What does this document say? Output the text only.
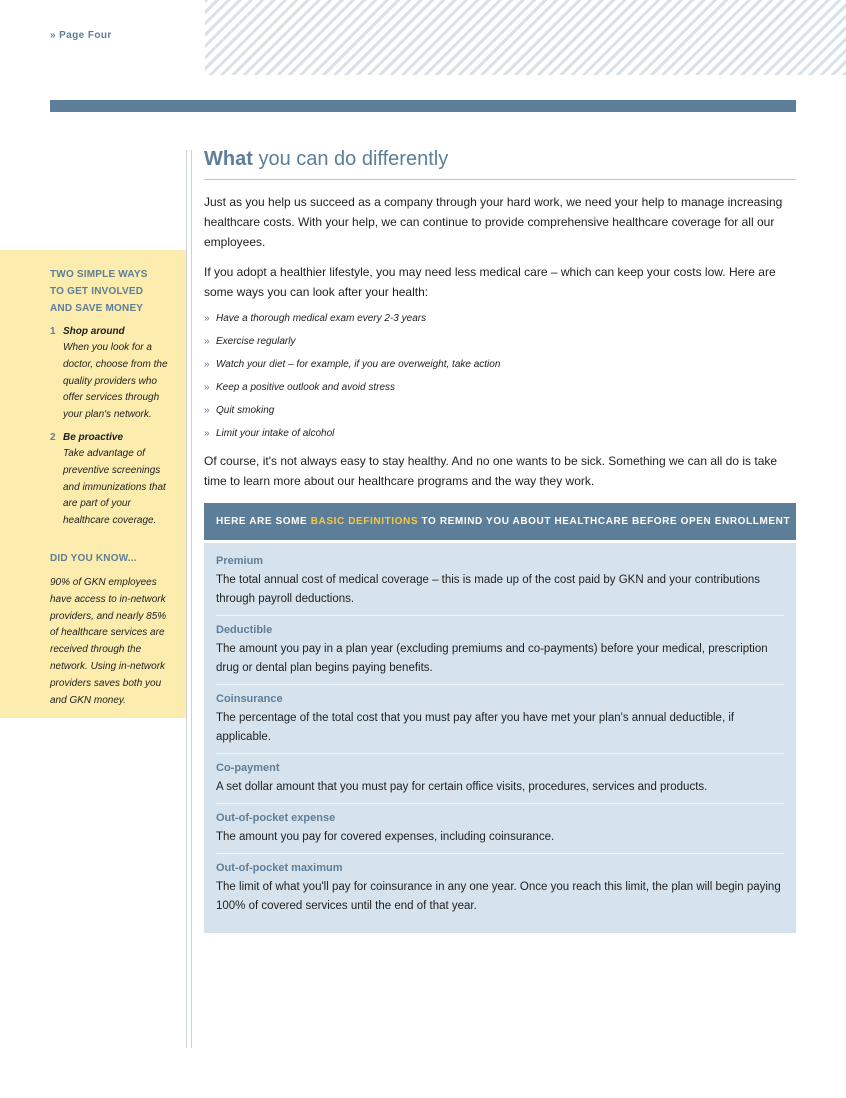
» Page Four
TWO SIMPLE WAYS
TO GET INVOLVED
AND SAVE MONEY
1 Shop around
When you look for a doctor, choose from the quality providers who offer services through your plan's network.
2 Be proactive
Take advantage of preventive screenings and immunizations that are part of your healthcare coverage.
DID YOU KNOW...
90% of GKN employees have access to in-network providers, and nearly 85% of healthcare services are received through the network. Using in-network providers saves both you and GKN money.
What you can do differently

Just as you help us succeed as a company through your hard work, we need your help to manage increasing healthcare costs. With your help, we can continue to provide comprehensive healthcare coverage for all our employees.

If you adopt a healthier lifestyle, you may need less medical care – which can keep your costs low. Here are some ways you can look after your health:

» Have a thorough medical exam every 2-3 years
» Exercise regularly
» Watch your diet – for example, if you are overweight, take action
» Keep a positive outlook and avoid stress
» Quit smoking
» Limit your intake of alcohol

Of course, it's not always easy to stay healthy. And no one wants to be sick. Something we can all do is take time to learn more about our healthcare programs and the way they work.

HERE ARE SOME BASIC DEFINITIONS TO REMIND YOU ABOUT HEALTHCARE BEFORE OPEN ENROLLMENT
Premium
The total annual cost of medical coverage – this is made up of the cost paid by GKN and your contributions through payroll deductions.
Deductible
The amount you pay in a plan year (excluding premiums and co-payments) before your medical, prescription drug or dental plan begins paying benefits.
Coinsurance
The percentage of the total cost that you must pay after you have met your plan's annual deductible, if applicable.
Co-payment
A set dollar amount that you must pay for certain office visits, procedures, services and products.
Out-of-pocket expense
The amount you pay for covered expenses, including coinsurance.
Out-of-pocket maximum
The limit of what you'll pay for coinsurance in any one year. Once you reach this limit, the plan will begin paying 100% of covered services until the end of that year.
